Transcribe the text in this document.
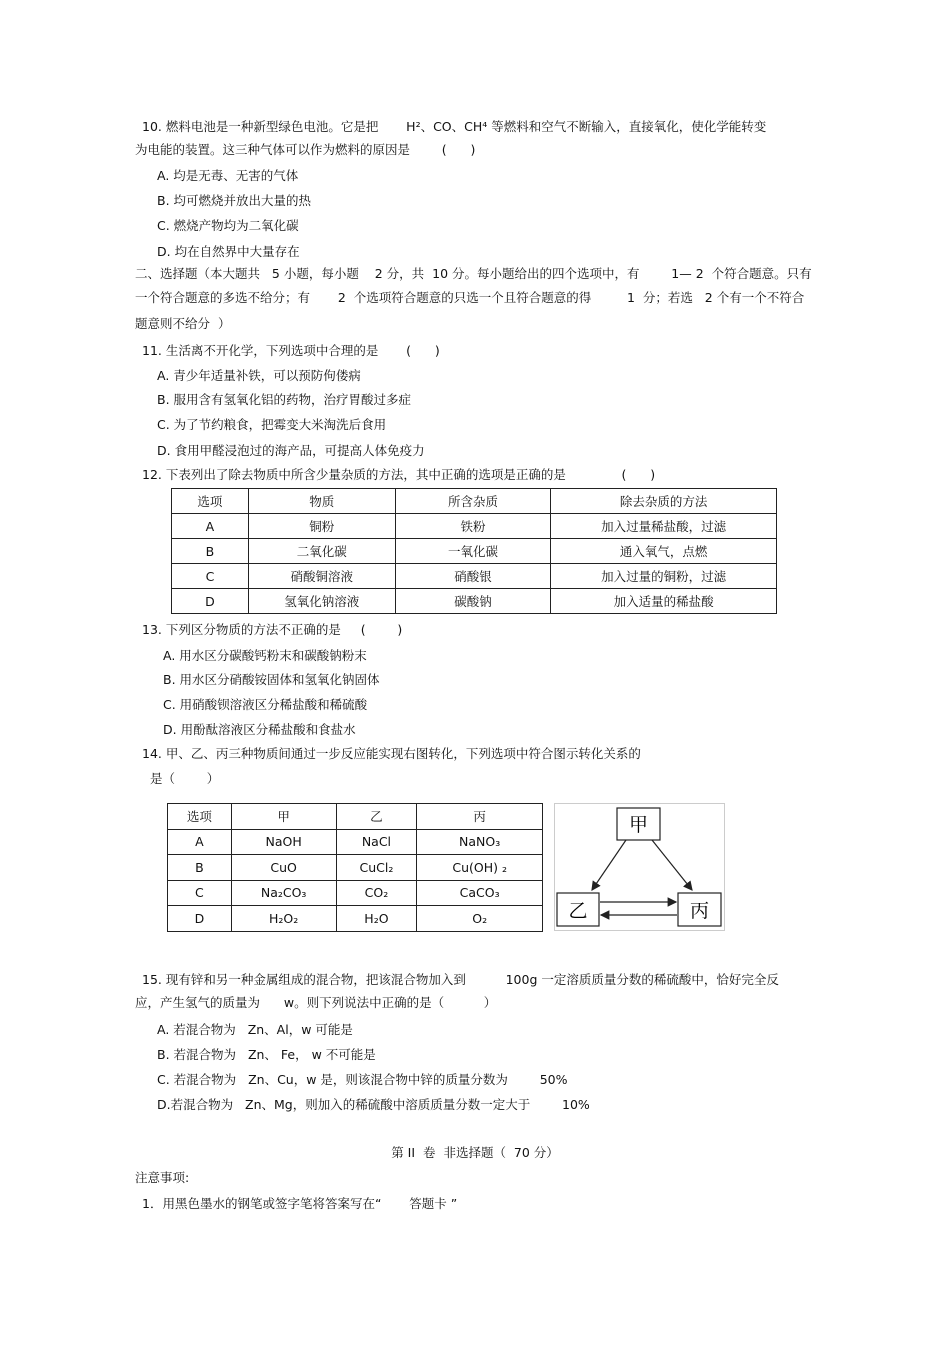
10. 燃料电池是一种新型绿色电池。它是把       H²、CO、CH⁴ 等燃料和空气不断输入，直接氧化，使化学能转变
为电能的装置。这三种气体可以作为燃料的原因是        (      )
A. 均是无毒、无害的气体
B. 均可燃烧并放出大量的热
C. 燃烧产物均为二氧化碳
D. 均在自然界中大量存在
二、选择题（本大题共   5 小题，每小题    2 分，共  10 分。每小题给出的四个选项中，有        1— 2  个符合题意。只有
一个符合题意的多选不给分；有       2  个选项符合题意的只选一个且符合题意的得         1  分；若选   2 个有一个不符合
题意则不给分  ）
11. 生活离不开化学，下列选项中合理的是       (      )
A. 青少年适量补铁，可以预防佝偻病
B. 服用含有氢氧化铝的药物，治疗胃酸过多症
C. 为了节约粮食，把霉变大米淘洗后食用
D. 食用甲醛浸泡过的海产品，可提高人体免疫力
12. 下表列出了除去物质中所含少量杂质的方法，其中正确的选项是正确的是              (      )
选项	物质	所含杂质	除去杂质的方法
A	铜粉	铁粉	加入过量稀盐酸，过滤
B	二氧化碳	一氧化碳	通入氧气，点燃
C	硝酸铜溶液	硝酸银	加入过量的铜粉，过滤
D	氢氧化钠溶液	碳酸钠	加入适量的稀盐酸
13. 下列区分物质的方法不正确的是     (        )
A. 用水区分碳酸钙粉末和碳酸钠粉末
B. 用水区分硝酸铵固体和氢氧化钠固体
C. 用硝酸钡溶液区分稀盐酸和稀硫酸
D. 用酚酞溶液区分稀盐酸和食盐水
14. 甲、乙、丙三种物质间通过一步反应能实现右图转化，下列选项中符合图示转化关系的
是（        ）
选项	甲	乙	丙
A	NaOH	NaCl	NaNO₃
B	CuO	CuCl₂	Cu(OH) ₂
C	Na₂CO₃	CO₂	CaCO₃
D	H₂O₂	H₂O	O₂
甲
乙	丙
15. 现有锌和另一种金属组成的混合物，把该混合物加入到          100g 一定溶质质量分数的稀硫酸中，恰好完全反
应，产生氢气的质量为      w。则下列说法中正确的是（          ）
A. 若混合物为   Zn、Al，w 可能是
B. 若混合物为   Zn、 Fe， w 不可能是
C. 若混合物为   Zn、Cu，w 是，则该混合物中锌的质量分数为        50%
D.若混合物为   Zn、Mg，则加入的稀硫酸中溶质质量分数一定大于        10%
第 II  卷  非选择题（  70 分）
注意事项:
1．用黑色墨水的钢笔或签字笔将答案写在“       答题卡 ”
